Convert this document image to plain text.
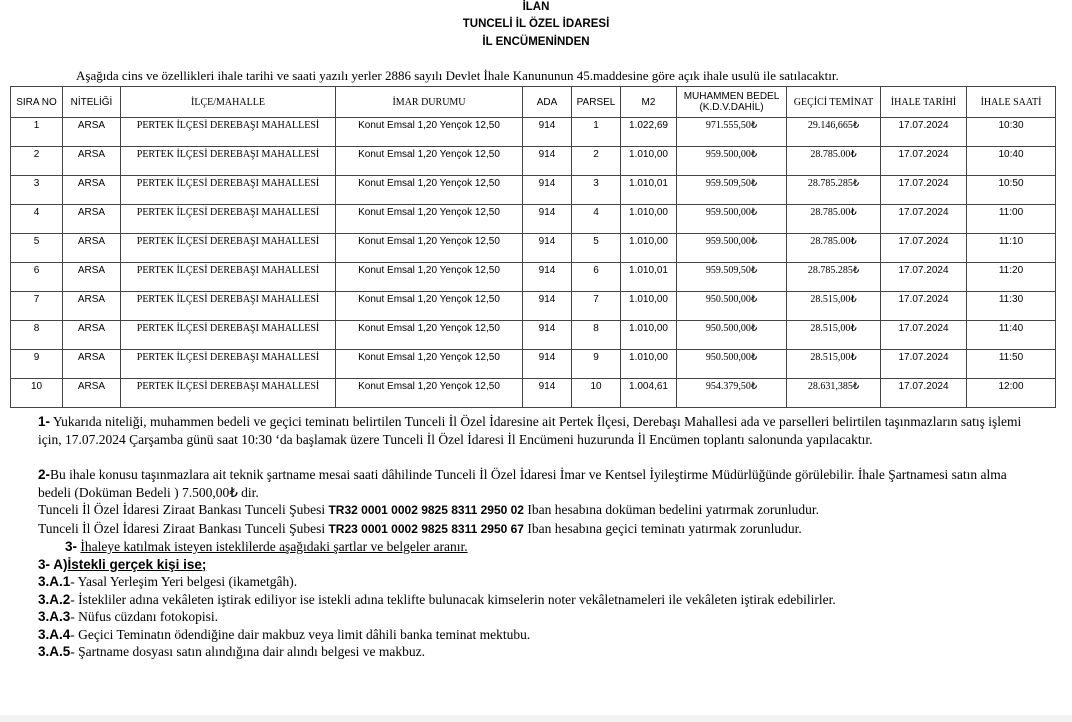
İLAN
TUNCELİ İL ÖZEL İDARESİ
İL ENCÜMENİNDEN
Aşağıda cins ve özellikleri ihale tarihi ve saati yazılı yerler 2886 sayılı Devlet İhale Kanununun 45.maddesine göre açık ihale usulü ile satılacaktır.
SIRA NO	NİTELİĞİ	İLÇE/MAHALLE	İMAR DURUMU	ADA	PARSEL	M2	MUHAMMEN BEDEL (K.D.V.DAHİL)	GEÇİCİ TEMİNAT	İHALE TARİHİ	İHALE SAATİ
1	ARSA	PERTEK İLÇESİ DEREBAŞI MAHALLESİ	Konut Emsal 1,20 Yençok 12,50	914	1	1.022,69	971.555,50₺	29.146,665₺	17.07.2024	10:30
2	ARSA	PERTEK İLÇESİ DEREBAŞI MAHALLESİ	Konut Emsal 1,20 Yençok 12,50	914	2	1.010,00	959.500,00₺	28.785.00₺	17.07.2024	10:40
3	ARSA	PERTEK İLÇESİ DEREBAŞI MAHALLESİ	Konut Emsal 1,20 Yençok 12,50	914	3	1.010,01	959.509,50₺	28.785.285₺	17.07.2024	10:50
4	ARSA	PERTEK İLÇESİ DEREBAŞI MAHALLESİ	Konut Emsal 1,20 Yençok 12,50	914	4	1.010,00	959.500,00₺	28.785.00₺	17.07.2024	11:00
5	ARSA	PERTEK İLÇESİ DEREBAŞI MAHALLESİ	Konut Emsal 1,20 Yençok 12,50	914	5	1.010,00	959.500,00₺	28.785.00₺	17.07.2024	11:10
6	ARSA	PERTEK İLÇESİ DEREBAŞI MAHALLESİ	Konut Emsal 1,20 Yençok 12,50	914	6	1.010,01	959.509,50₺	28.785.285₺	17.07.2024	11:20
7	ARSA	PERTEK İLÇESİ DEREBAŞI MAHALLESİ	Konut Emsal 1,20 Yençok 12,50	914	7	1.010,00	950.500,00₺	28.515,00₺	17.07.2024	11:30
8	ARSA	PERTEK İLÇESİ DEREBAŞI MAHALLESİ	Konut Emsal 1,20 Yençok 12,50	914	8	1.010,00	950.500,00₺	28.515,00₺	17.07.2024	11:40
9	ARSA	PERTEK İLÇESİ DEREBAŞI MAHALLESİ	Konut Emsal 1,20 Yençok 12,50	914	9	1.010,00	950.500,00₺	28.515,00₺	17.07.2024	11:50
10	ARSA	PERTEK İLÇESİ DEREBAŞI MAHALLESİ	Konut Emsal 1,20 Yençok 12,50	914	10	1.004,61	954.379,50₺	28.631,385₺	17.07.2024	12:00

1- Yukarıda niteliği, muhammen bedeli ve geçici teminatı belirtilen Tunceli İl Özel İdaresine ait Pertek İlçesi, Derebaşı Mahallesi ada ve parselleri belirtilen taşınmazların satış işlemi için, 17.07.2024 Çarşamba günü saat 10:30 ‘da başlamak üzere Tunceli İl Özel İdaresi İl Encümeni huzurunda İl Encümen toplantı salonunda yapılacaktır.

2-Bu ihale konusu taşınmazlara ait teknik şartname mesai saati dâhilinde Tunceli İl Özel İdaresi İmar ve Kentsel İyileştirme Müdürlüğünde görülebilir. İhale Şartnamesi satın alma bedeli (Doküman Bedeli ) 7.500,00₺ dir.

Tunceli İl Özel İdaresi Ziraat Bankası Tunceli Şubesi TR32 0001 0002 9825 8311 2950 02 Iban hesabına doküman bedelini yatırmak zorunludur.

Tunceli İl Özel İdaresi Ziraat Bankası Tunceli Şubesi TR23 0001 0002 9825 8311 2950 67 Iban hesabına geçici teminatı yatırmak zorunludur.

3- İhaleye katılmak isteyen isteklilerde aşağıdaki şartlar ve belgeler aranır.

3- A)İstekli gerçek kişi ise;

3.A.1- Yasal Yerleşim Yeri belgesi (ikametgâh).

3.A.2- İstekliler adına vekâleten iştirak ediliyor ise istekli adına teklifte bulunacak kimselerin noter vekâletnameleri ile vekâleten iştirak edebilirler.

3.A.3- Nüfus cüzdanı fotokopisi.

3.A.4- Geçici Teminatın ödendiğine dair makbuz veya limit dâhili banka teminat mektubu.

3.A.5- Şartname dosyası satın alındığına dair alındı belgesi ve makbuz.
